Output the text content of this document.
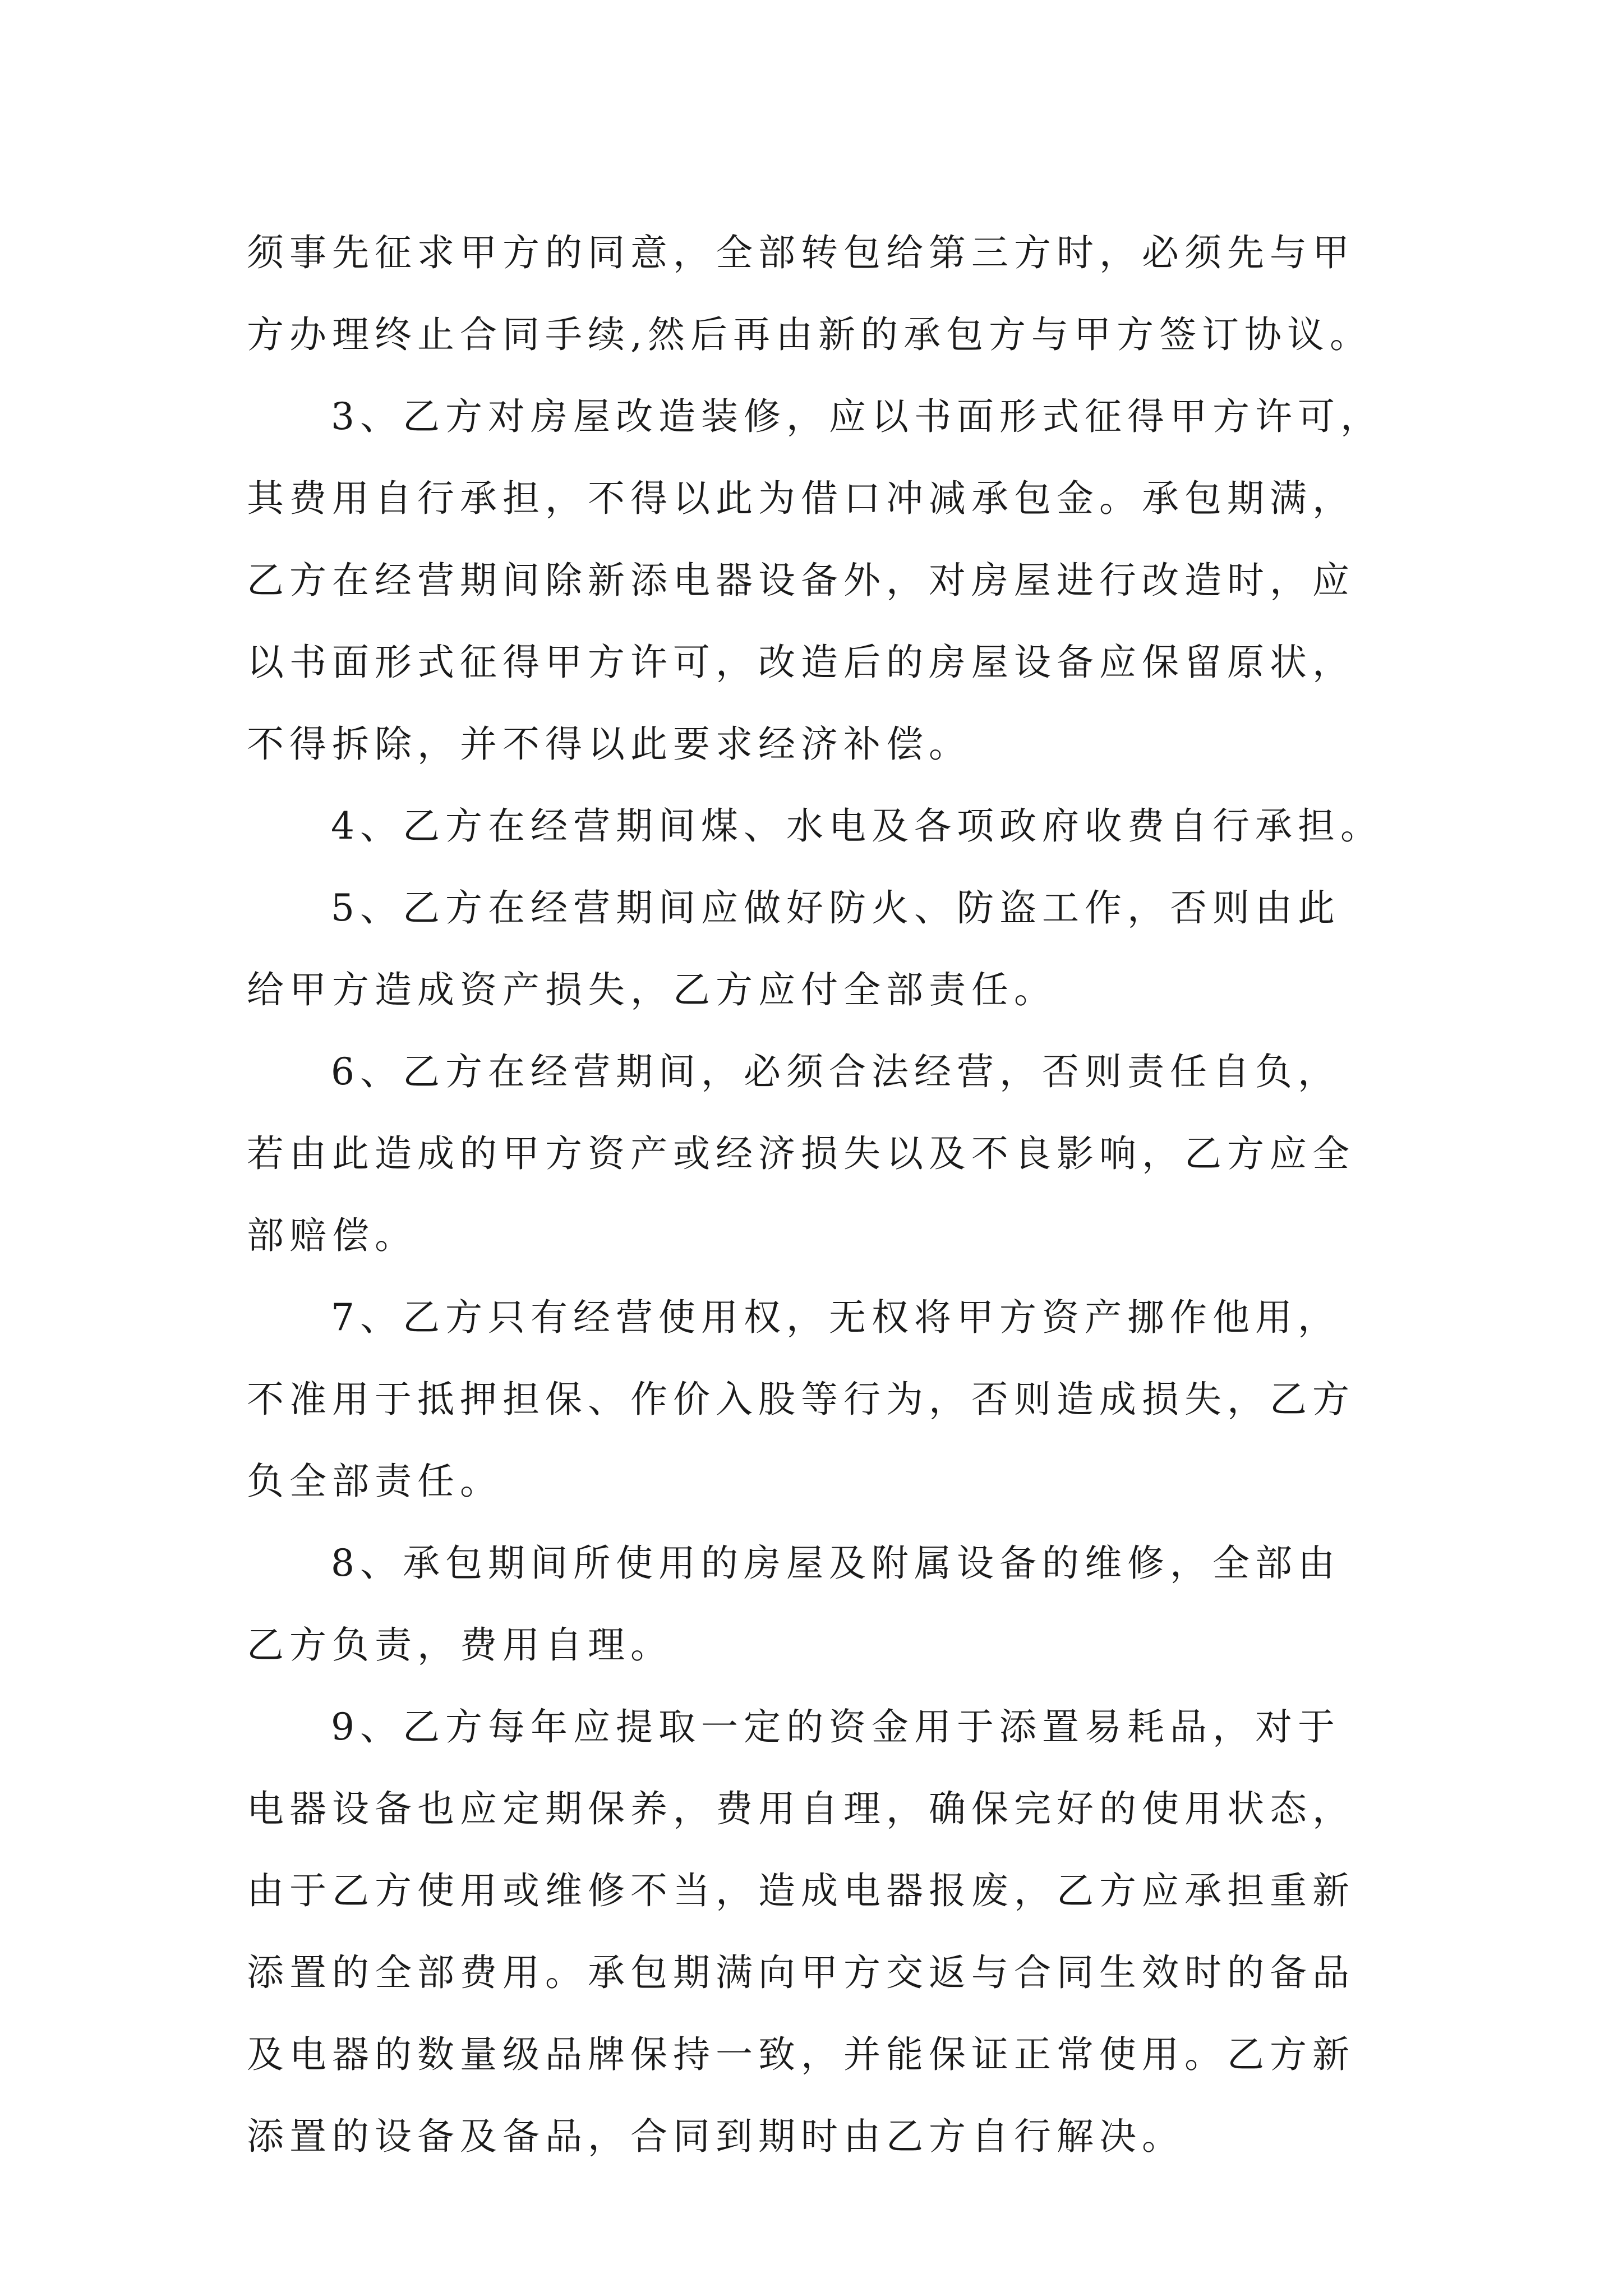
须事先征求甲方的同意，全部转包给第三方时，必须先与甲
方办理终止合同手续,然后再由新的承包方与甲方签订协议。
3、乙方对房屋改造装修，应以书面形式征得甲方许可，
其费用自行承担，不得以此为借口冲减承包金。承包期满，
乙方在经营期间除新添电器设备外，对房屋进行改造时，应
以书面形式征得甲方许可，改造后的房屋设备应保留原状，
不得拆除，并不得以此要求经济补偿。
4、乙方在经营期间煤、水电及各项政府收费自行承担。
5、乙方在经营期间应做好防火、防盗工作，否则由此
给甲方造成资产损失，乙方应付全部责任。
6、乙方在经营期间，必须合法经营，否则责任自负，
若由此造成的甲方资产或经济损失以及不良影响，乙方应全
部赔偿。
7、乙方只有经营使用权，无权将甲方资产挪作他用，
不准用于抵押担保、作价入股等行为，否则造成损失，乙方
负全部责任。
8、承包期间所使用的房屋及附属设备的维修，全部由
乙方负责，费用自理。
9、乙方每年应提取一定的资金用于添置易耗品，对于
电器设备也应定期保养，费用自理，确保完好的使用状态，
由于乙方使用或维修不当，造成电器报废，乙方应承担重新
添置的全部费用。承包期满向甲方交返与合同生效时的备品
及电器的数量级品牌保持一致，并能保证正常使用。乙方新
添置的设备及备品，合同到期时由乙方自行解决。
